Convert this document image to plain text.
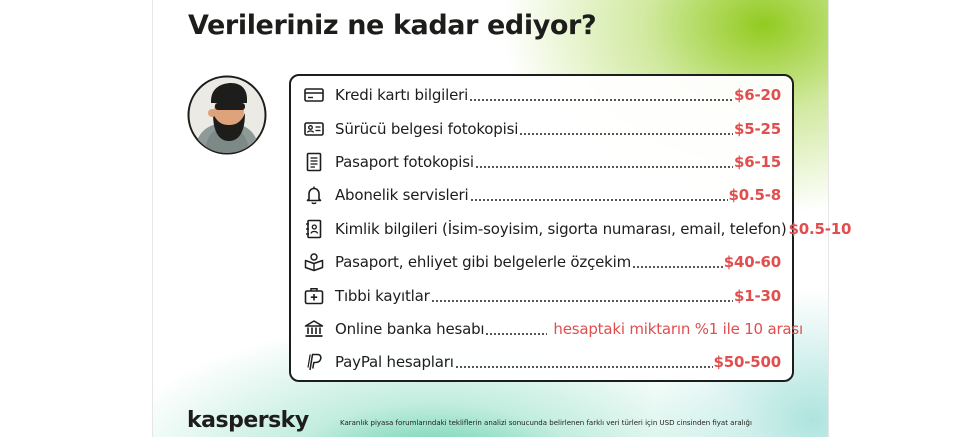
Verileriniz ne kadar ediyor?
Kredi kartı bilgileri	$6-20
Sürücü belgesi fotokopisi	$5-25
Pasaport fotokopisi	$6-15
Abonelik servisleri	$0.5-8
Kimlik bilgileri (İsim-soyisim, sigorta numarası, email, telefon) $0.5-10
Pasaport, ehliyet gibi belgelerle özçekim	$40-60
Tıbbi kayıtlar	$1-30
Online banka hesabı	hesaptaki miktarın %1 ile 10 arası
PayPal hesapları	$50-500
kaspersky	Karanlık piyasa forumlarındaki tekliflerin analizi sonucunda belirlenen farklı veri türleri için USD cinsinden fiyat aralığı
